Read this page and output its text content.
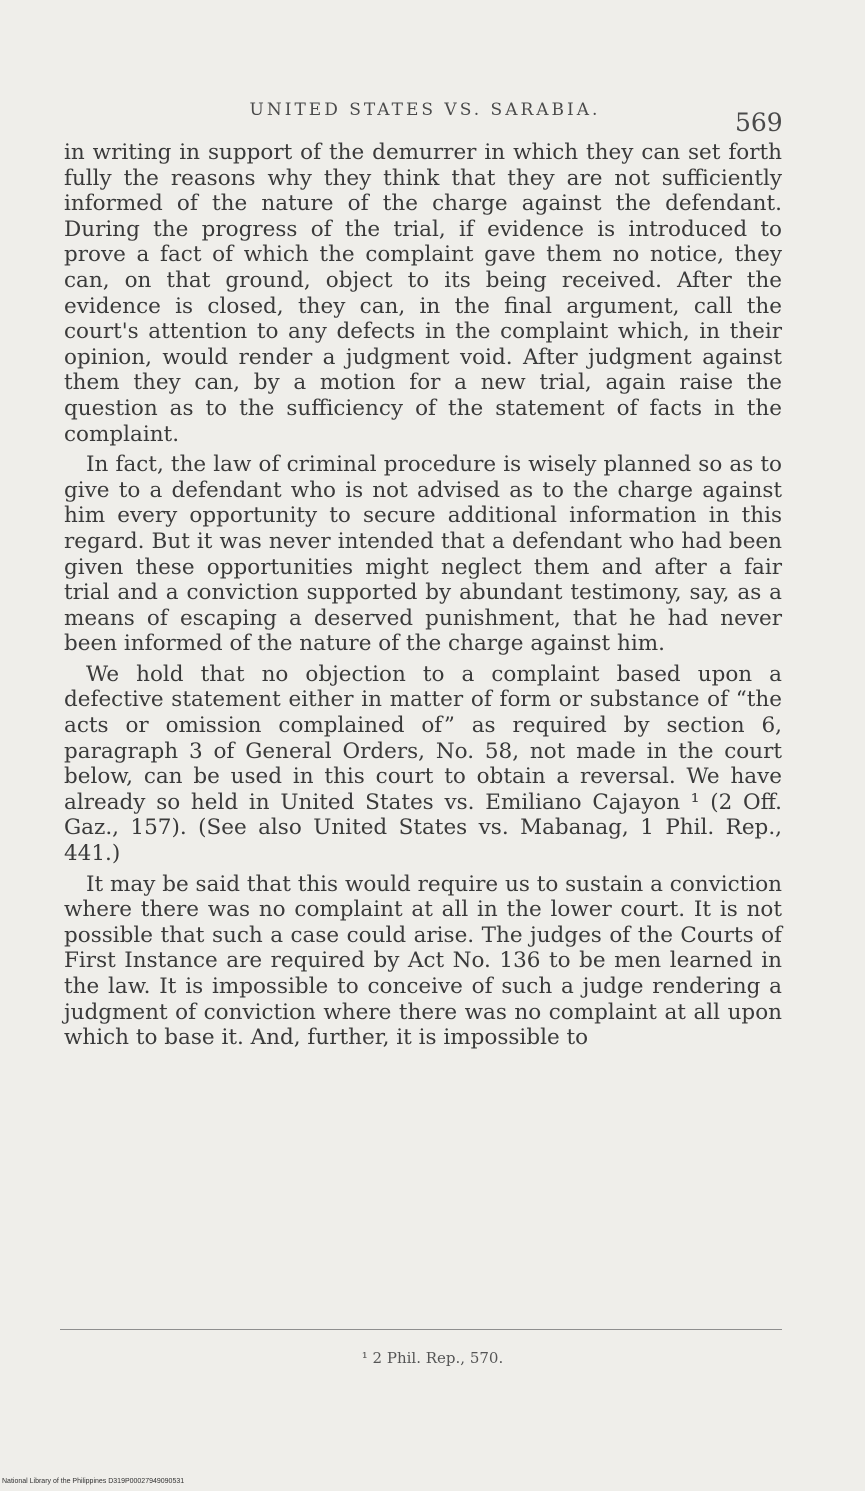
UNITED STATES VS. SARABIA.	569

in writing in support of the demurrer in which they can set forth fully the reasons why they think that they are not sufficiently informed of the nature of the charge against the defendant. During the progress of the trial, if evidence is introduced to prove a fact of which the complaint gave them no notice, they can, on that ground, object to its being received. After the evidence is closed, they can, in the final argument, call the court's attention to any defects in the complaint which, in their opinion, would render a judgment void. After judgment against them they can, by a motion for a new trial, again raise the question as to the sufficiency of the statement of facts in the complaint.

In fact, the law of criminal procedure is wisely planned so as to give to a defendant who is not advised as to the charge against him every opportunity to secure additional information in this regard. But it was never intended that a defendant who had been given these opportunities might neglect them and after a fair trial and a conviction supported by abundant testimony, say, as a means of escaping a deserved punishment, that he had never been informed of the nature of the charge against him.

We hold that no objection to a complaint based upon a defective statement either in matter of form or substance of “the acts or omission complained of” as required by section 6, paragraph 3 of General Orders, No. 58, not made in the court below, can be used in this court to obtain a reversal. We have already so held in United States vs. Emiliano Cajayon ¹ (2 Off. Gaz., 157). (See also United States vs. Mabanag, 1 Phil. Rep., 441.)

It may be said that this would require us to sustain a conviction where there was no complaint at all in the lower court. It is not possible that such a case could arise. The judges of the Courts of First Instance are required by Act No. 136 to be men learned in the law. It is impossible to conceive of such a judge rendering a judgment of conviction where there was no complaint at all upon which to base it. And, further, it is impossible to

¹ 2 Phil. Rep., 570.
National Library of the Philippines D319P00027949090531
